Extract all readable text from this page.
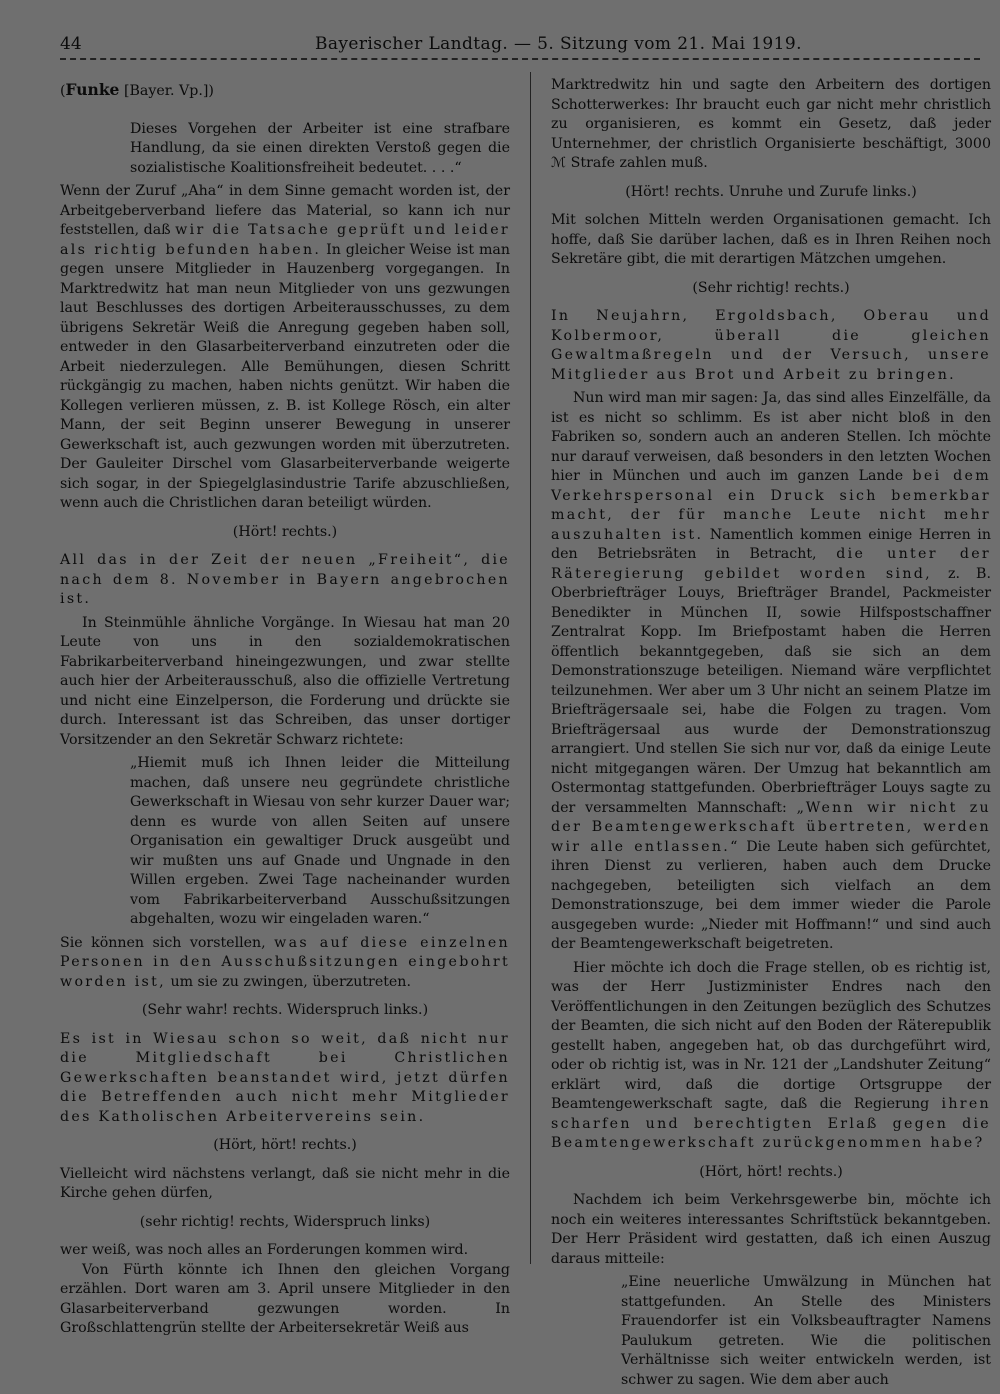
44	Bayerischer Landtag. — 5. Sitzung vom 21. Mai 1919.

(Funke [Bayer. Vp.])

Dieses Vorgehen der Arbeiter ist eine strafbare Handlung, da sie einen direkten Verstoß gegen die sozialistische Koalitionsfreiheit bedeutet. . . .“

Wenn der Zuruf „Aha“ in dem Sinne gemacht worden ist, der Arbeitgeberverband liefere das Material, so kann ich nur feststellen, daß wir die Tatsache geprüft und leider als richtig befunden haben. In gleicher Weise ist man gegen unsere Mitglieder in Hauzenberg vorgegangen. In Marktredwitz hat man neun Mitglieder von uns gezwungen laut Beschlusses des dortigen Arbeiterausschusses, zu dem übrigens Sekretär Weiß die Anregung gegeben haben soll, entweder in den Glasarbeiterverband einzutreten oder die Arbeit niederzulegen. Alle Bemühungen, diesen Schritt rückgängig zu machen, haben nichts genützt. Wir haben die Kollegen verlieren müssen, z. B. ist Kollege Rösch, ein alter Mann, der seit Beginn unserer Bewegung in unserer Gewerkschaft ist, auch gezwungen worden mit überzutreten. Der Gauleiter Dirschel vom Glasarbeiterverbande weigerte sich sogar, in der Spiegelglasindustrie Tarife abzuschließen, wenn auch die Christlichen daran beteiligt würden.

(Hört! rechts.)

All das in der Zeit der neuen „Freiheit“, die nach dem 8. November in Bayern angebrochen ist.

In Steinmühle ähnliche Vorgänge. In Wiesau hat man 20 Leute von uns in den sozialdemokratischen Fabrikarbeiterverband hineingezwungen, und zwar stellte auch hier der Arbeiterausschuß, also die offizielle Vertretung und nicht eine Einzelperson, die Forderung und drückte sie durch. Interessant ist das Schreiben, das unser dortiger Vorsitzender an den Sekretär Schwarz richtete:

„Hiemit muß ich Ihnen leider die Mitteilung machen, daß unsere neu gegründete christliche Gewerkschaft in Wiesau von sehr kurzer Dauer war; denn es wurde von allen Seiten auf unsere Organisation ein gewaltiger Druck ausgeübt und wir mußten uns auf Gnade und Ungnade in den Willen ergeben. Zwei Tage nacheinander wurden vom Fabrikarbeiterverband Ausschußsitzungen abgehalten, wozu wir eingeladen waren.“

Sie können sich vorstellen, was auf diese einzelnen Personen in den Ausschußsitzungen eingebohrt worden ist, um sie zu zwingen, überzutreten.

(Sehr wahr! rechts. Widerspruch links.)

Es ist in Wiesau schon so weit, daß nicht nur die Mitgliedschaft bei Christlichen Gewerkschaften beanstandet wird, jetzt dürfen die Betreffenden auch nicht mehr Mitglieder des Katholischen Arbeitervereins sein.

(Hört, hört! rechts.)

Vielleicht wird nächstens verlangt, daß sie nicht mehr in die Kirche gehen dürfen,

(sehr richtig! rechts, Widerspruch links)

wer weiß, was noch alles an Forderungen kommen wird.

Von Fürth könnte ich Ihnen den gleichen Vorgang erzählen. Dort waren am 3. April unsere Mitglieder in den Glasarbeiterverband gezwungen worden. In Großschlattengrün stellte der Arbeitersekretär Weiß aus

Marktredwitz hin und sagte den Arbeitern des dortigen Schotterwerkes: Ihr braucht euch gar nicht mehr christlich zu organisieren, es kommt ein Gesetz, daß jeder Unternehmer, der christlich Organisierte beschäftigt, 3000 ℳ Strafe zahlen muß.

(Hört! rechts. Unruhe und Zurufe links.)

Mit solchen Mitteln werden Organisationen gemacht. Ich hoffe, daß Sie darüber lachen, daß es in Ihren Reihen noch Sekretäre gibt, die mit derartigen Mätzchen umgehen.

(Sehr richtig! rechts.)

In Neujahrn, Ergoldsbach, Oberau und Kolbermoor, überall die gleichen Gewaltmaßregeln und der Versuch, unsere Mitglieder aus Brot und Arbeit zu bringen.

Nun wird man mir sagen: Ja, das sind alles Einzelfälle, da ist es nicht so schlimm. Es ist aber nicht bloß in den Fabriken so, sondern auch an anderen Stellen. Ich möchte nur darauf verweisen, daß besonders in den letzten Wochen hier in München und auch im ganzen Lande bei dem Verkehrspersonal ein Druck sich bemerkbar macht, der für manche Leute nicht mehr auszuhalten ist. Namentlich kommen einige Herren in den Betriebsräten in Betracht, die unter der Räteregierung gebildet worden sind, z. B. Oberbriefträger Louys, Briefträger Brandel, Packmeister Benedikter in München II, sowie Hilfspostschaffner Zentralrat Kopp. Im Briefpostamt haben die Herren öffentlich bekanntgegeben, daß sie sich an dem Demonstrationszuge beteiligen. Niemand wäre verpflichtet teilzunehmen. Wer aber um 3 Uhr nicht an seinem Platze im Briefträgersaale sei, habe die Folgen zu tragen. Vom Briefträgersaal aus wurde der Demonstrationszug arrangiert. Und stellen Sie sich nur vor, daß da einige Leute nicht mitgegangen wären. Der Umzug hat bekanntlich am Ostermontag stattgefunden. Oberbriefträger Louys sagte zu der versammelten Mannschaft: „Wenn wir nicht zu der Beamtengewerkschaft übertreten, werden wir alle entlassen.“ Die Leute haben sich gefürchtet, ihren Dienst zu verlieren, haben auch dem Drucke nachgegeben, beteiligten sich vielfach an dem Demonstrationszuge, bei dem immer wieder die Parole ausgegeben wurde: „Nieder mit Hoffmann!“ und sind auch der Beamtengewerkschaft beigetreten.

Hier möchte ich doch die Frage stellen, ob es richtig ist, was der Herr Justizminister Endres nach den Veröffentlichungen in den Zeitungen bezüglich des Schutzes der Beamten, die sich nicht auf den Boden der Räterepublik gestellt haben, angegeben hat, ob das durchgeführt wird, oder ob richtig ist, was in Nr. 121 der „Landshuter Zeitung“ erklärt wird, daß die dortige Ortsgruppe der Beamtengewerkschaft sagte, daß die Regierung ihren scharfen und berechtigten Erlaß gegen die Beamtengewerkschaft zurückgenommen habe?

(Hört, hört! rechts.)

Nachdem ich beim Verkehrsgewerbe bin, möchte ich noch ein weiteres interessantes Schriftstück bekanntgeben. Der Herr Präsident wird gestatten, daß ich einen Auszug daraus mitteile:

„Eine neuerliche Umwälzung in München hat stattgefunden. An Stelle des Ministers Frauendorfer ist ein Volksbeauftragter Namens Paulukum getreten. Wie die politischen Verhältnisse sich weiter entwickeln werden, ist schwer zu sagen. Wie dem aber auch
